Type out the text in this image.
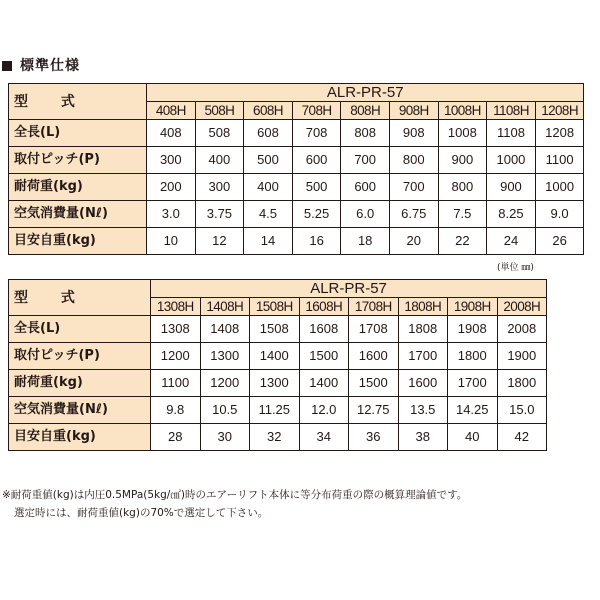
標準仕様
型 式	ALR-PR-57								
	408H	508H	608H	708H	808H	908H	1008H	1108H	1208H
全長(L)	408	508	608	708	808	908	1008	1108	1208
取付ピッチ(P)	300	400	500	600	700	800	900	1000	1100
耐荷重(kg)	200	300	400	500	600	700	800	900	1000
空気消費量(Nℓ)	3.0	3.75	4.5	5.25	6.0	6.75	7.5	8.25	9.0
目安自重(kg)	10	12	14	16	18	20	22	24	26
(単位 ㎜)
型 式	ALR-PR-57							
	1308H	1408H	1508H	1608H	1708H	1808H	1908H	2008H
全長(L)	1308	1408	1508	1608	1708	1808	1908	2008
取付ピッチ(P)	1200	1300	1400	1500	1600	1700	1800	1900
耐荷重(kg)	1100	1200	1300	1400	1500	1600	1700	1800
空気消費量(Nℓ)	9.8	10.5	11.25	12.0	12.75	13.5	14.25	15.0
目安自重(kg)	28	30	32	34	36	38	40	42
※耐荷重値(kg)は内圧0.5MPa(5kg/㎠)時のエアーリフト本体に等分布荷重の際の概算理論値です。
選定時には、耐荷重値(kg)の70%で選定して下さい。
